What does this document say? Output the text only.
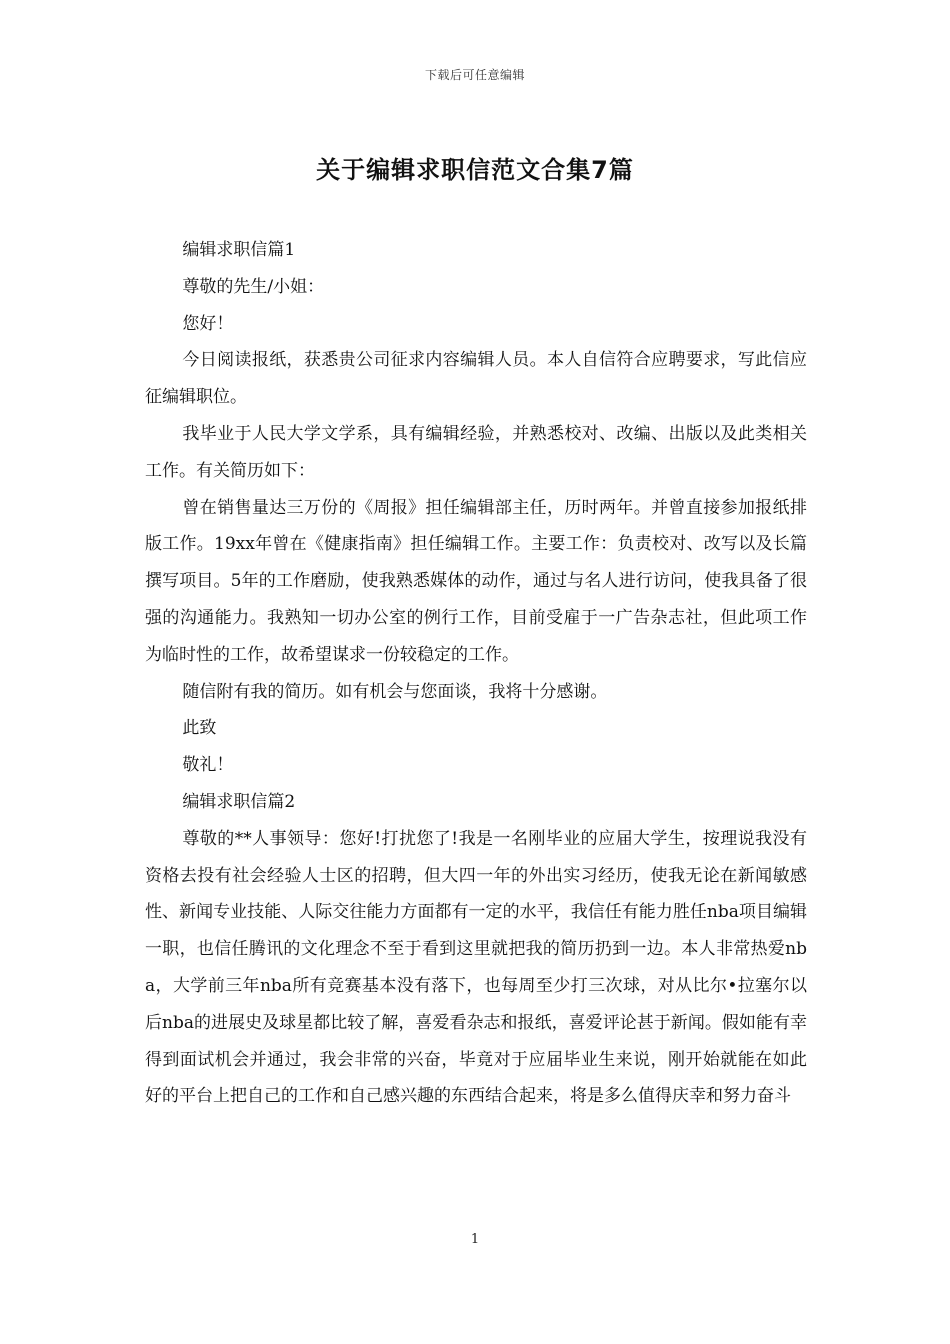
下载后可任意编辑
关于编辑求职信范文合集7篇

编辑求职信篇1

尊敬的先生/小姐：

您好！

今日阅读报纸，获悉贵公司征求内容编辑人员。本人自信符合应聘要求，写此信应征编辑职位。

我毕业于人民大学文学系，具有编辑经验，并熟悉校对、改编、出版以及此类相关工作。有关简历如下：

曾在销售量达三万份的《周报》担任编辑部主任，历时两年。并曾直接参加报纸排版工作。19xx年曾在《健康指南》担任编辑工作。主要工作：负责校对、改写以及长篇撰写项目。5年的工作磨励，使我熟悉媒体的动作，通过与名人进行访问，使我具备了很强的沟通能力。我熟知一切办公室的例行工作，目前受雇于一广告杂志社，但此项工作为临时性的工作，故希望谋求一份较稳定的工作。

随信附有我的简历。如有机会与您面谈，我将十分感谢。

此致

敬礼！

编辑求职信篇2

尊敬的**人事领导：您好!打扰您了!我是一名刚毕业的应届大学生，按理说我没有资格去投有社会经验人士区的招聘，但大四一年的外出实习经历，使我无论在新闻敏感性、新闻专业技能、人际交往能力方面都有一定的水平，我信任有能力胜任nba项目编辑一职，也信任腾讯的文化理念不至于看到这里就把我的简历扔到一边。本人非常热爱nba，大学前三年nba所有竞赛基本没有落下，也每周至少打三次球，对从比尔•拉塞尔以后nba的进展史及球星都比较了解，喜爱看杂志和报纸，喜爱评论甚于新闻。假如能有幸得到面试机会并通过，我会非常的兴奋，毕竟对于应届毕业生来说，刚开始就能在如此好的平台上把自己的工作和自己感兴趣的东西结合起来，将是多么值得庆幸和努力奋斗

1
